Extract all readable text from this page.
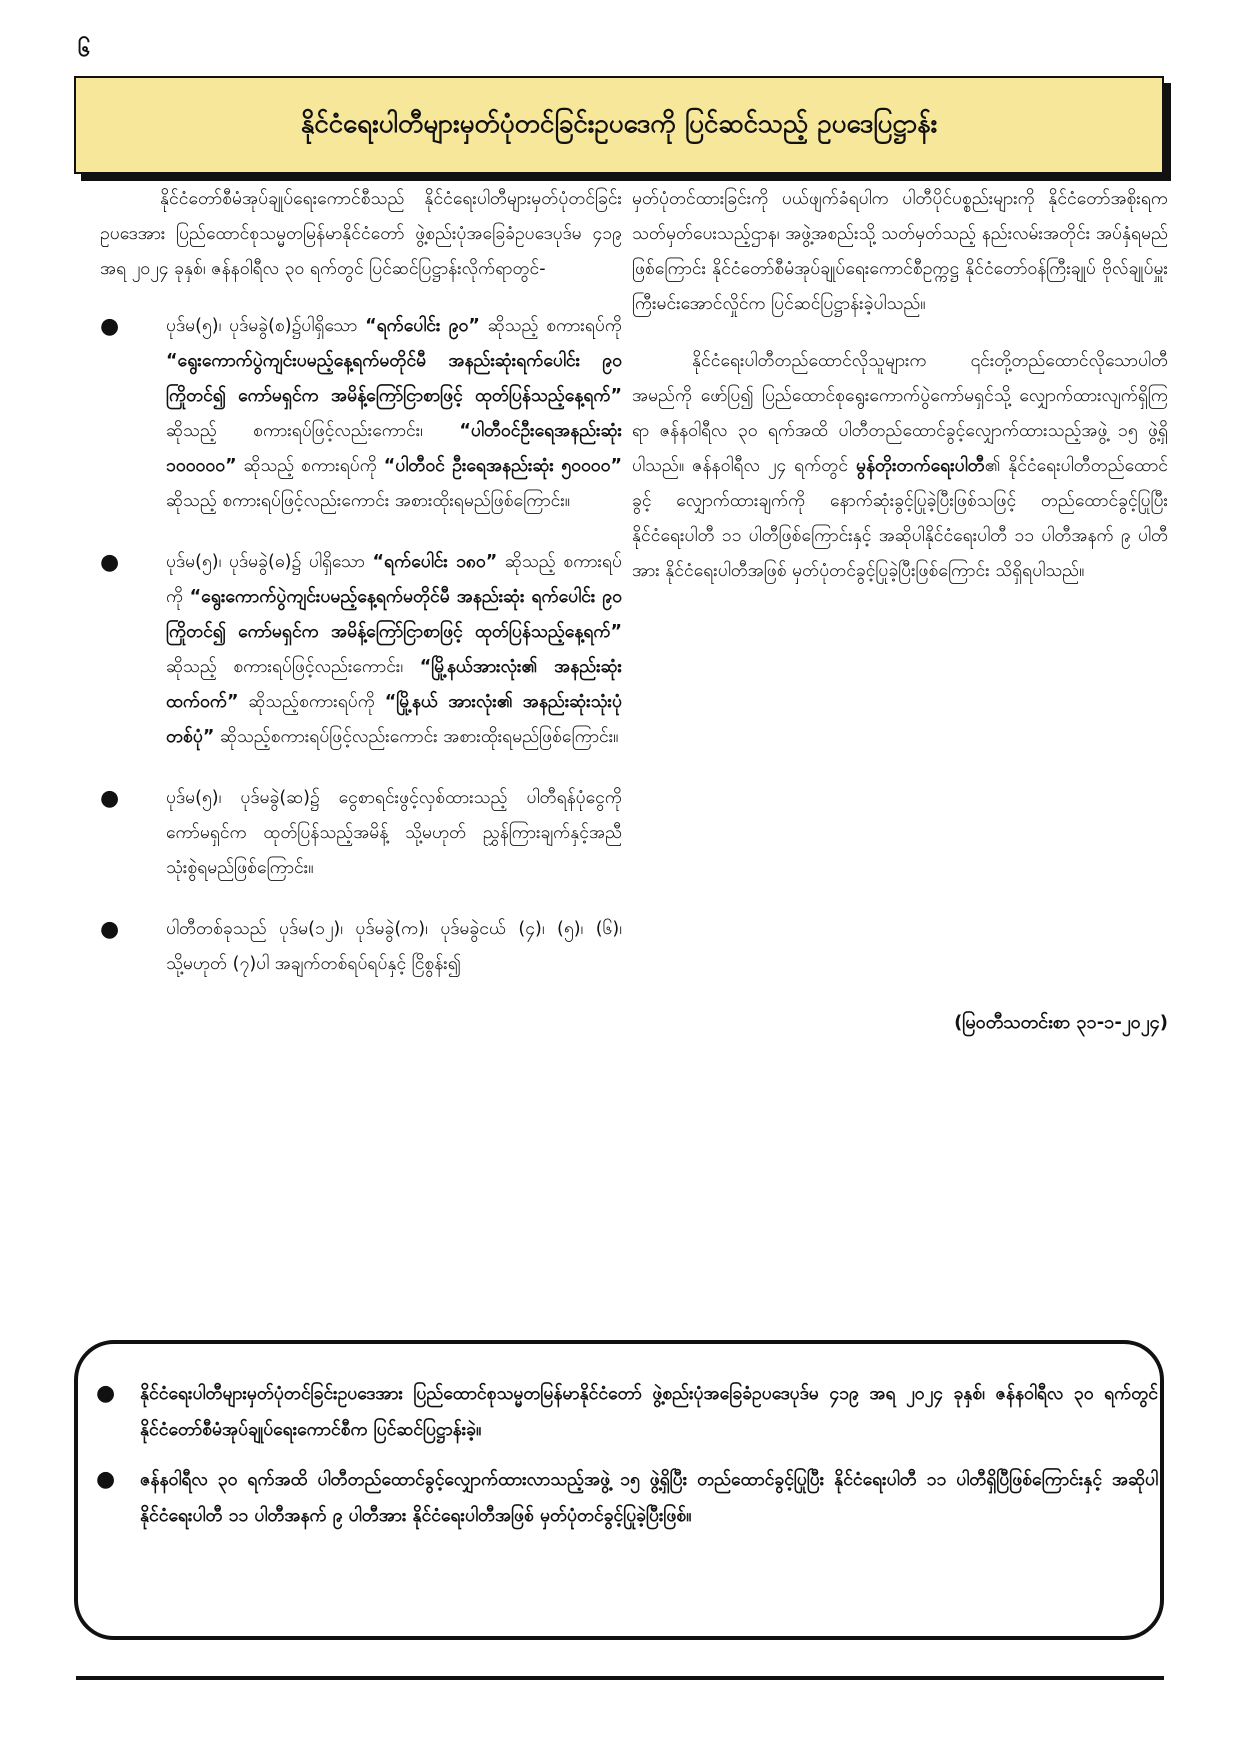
၆
နိုင်ငံရေးပါတီများမှတ်ပုံတင်ခြင်းဥပဒေကို ပြင်ဆင်သည့် ဥပဒေပြဋ္ဌာန်း

နိုင်ငံတော်စီမံအုပ်ချုပ်ရေးကောင်စီသည် နိုင်ငံရေးပါတီများမှတ်ပုံတင်ခြင်းဥပဒေအား ပြည်ထောင်စုသမ္မတမြန်မာနိုင်ငံတော် ဖွဲ့စည်းပုံအခြေခံဥပဒေပုဒ်မ ၄၁၉ အရ ၂၀၂၄ ခုနှစ်၊ ဇန်နဝါရီလ ၃၀ ရက်တွင် ပြင်ဆင်ပြဋ္ဌာန်းလိုက်ရာတွင်-

●	ပုဒ်မ(၅)၊ ပုဒ်မခွဲ(စ)၌ပါရှိသော “ရက်ပေါင်း ၉၀” ဆိုသည့် စကားရပ်ကို “ရွေးကောက်ပွဲကျင်းပမည့်နေ့ရက်မတိုင်မီ အနည်းဆုံးရက်ပေါင်း ၉၀ ကြိုတင်၍ ကော်မရှင်က အမိန့်ကြော်ငြာစာဖြင့် ထုတ်ပြန်သည့်နေ့ရက်” ဆိုသည့် စကားရပ်ဖြင့်လည်းကောင်း၊ “ပါတီဝင်ဦးရေအနည်းဆုံး ၁၀၀၀၀၀” ဆိုသည့် စကားရပ်ကို “ပါတီဝင် ဦးရေအနည်းဆုံး ၅၀၀၀၀” ဆိုသည့် စကားရပ်ဖြင့်လည်းကောင်း အစားထိုးရမည်ဖြစ်ကြောင်း။
●	ပုဒ်မ(၅)၊ ပုဒ်မခွဲ(ဓ)၌ ပါရှိသော “ရက်ပေါင်း ၁၈၀” ဆိုသည့် စကားရပ်ကို “ရွေးကောက်ပွဲကျင်းပမည့်နေ့ရက်မတိုင်မီ အနည်းဆုံး ရက်ပေါင်း ၉၀ ကြိုတင်၍ ကော်မရှင်က အမိန့်ကြော်ငြာစာဖြင့် ထုတ်ပြန်သည့်နေ့ရက်” ဆိုသည့် စကားရပ်ဖြင့်လည်းကောင်း၊ “မြို့နယ်အားလုံး၏ အနည်းဆုံးထက်ဝက်” ဆိုသည့်စကားရပ်ကို “မြို့နယ် အားလုံး၏ အနည်းဆုံးသုံးပုံတစ်ပုံ” ဆိုသည့်စကားရပ်ဖြင့်လည်းကောင်း အစားထိုးရမည်ဖြစ်ကြောင်း။
●	ပုဒ်မ(၅)၊ ပုဒ်မခွဲ(ဆ)၌ ငွေစာရင်းဖွင့်လှစ်ထားသည့် ပါတီရန်ပုံငွေကို ကော်မရှင်က ထုတ်ပြန်သည့်အမိန့် သို့မဟုတ် ညွှန်ကြားချက်နှင့်အညီ သုံးစွဲရမည်ဖြစ်ကြောင်း။
●	ပါတီတစ်ခုသည် ပုဒ်မ(၁၂)၊ ပုဒ်မခွဲ(က)၊ ပုဒ်မခွဲငယ် (၄)၊ (၅)၊ (၆)၊ သို့မဟုတ် (၇)ပါ အချက်တစ်ရပ်ရပ်နှင့် ငြိစွန်း၍

မှတ်ပုံတင်ထားခြင်းကို ပယ်ဖျက်ခံရပါက ပါတီပိုင်ပစ္စည်းများကို နိုင်ငံတော်အစိုးရက သတ်မှတ်ပေးသည့်ဌာန၊ အဖွဲ့အစည်းသို့ သတ်မှတ်သည့် နည်းလမ်းအတိုင်း အပ်နှံရမည်ဖြစ်ကြောင်း နိုင်ငံတော်စီမံအုပ်ချုပ်ရေးကောင်စီဥက္ကဋ္ဌ နိုင်ငံတော်ဝန်ကြီးချုပ် ဗိုလ်ချုပ်မှူးကြီးမင်းအောင်လှိုင်က ပြင်ဆင်ပြဋ္ဌာန်းခဲ့ပါသည်။

နိုင်ငံရေးပါတီတည်ထောင်လိုသူများက ၎င်းတို့တည်ထောင်လိုသောပါတီအမည်ကို ဖော်ပြ၍ ပြည်ထောင်စုရွေးကောက်ပွဲကော်မရှင်သို့ လျှောက်ထားလျက်ရှိကြရာ ဇန်နဝါရီလ ၃၀ ရက်အထိ ပါတီတည်ထောင်ခွင့်လျှောက်ထားသည့်အဖွဲ့ ၁၅ ဖွဲ့ရှိပါသည်။ ဇန်နဝါရီလ ၂၄ ရက်တွင် မွန်တိုးတက်ရေးပါတီ၏ နိုင်ငံရေးပါတီတည်ထောင်ခွင့် လျှောက်ထားချက်ကို နောက်ဆုံးခွင့်ပြုခဲ့ပြီးဖြစ်သဖြင့် တည်ထောင်ခွင့်ပြုပြီး နိုင်ငံရေးပါတီ ၁၁ ပါတီဖြစ်ကြောင်းနှင့် အဆိုပါနိုင်ငံရေးပါတီ ၁၁ ပါတီအနက် ၉ ပါတီအား နိုင်ငံရေးပါတီအဖြစ် မှတ်ပုံတင်ခွင့်ပြုခဲ့ပြီးဖြစ်ကြောင်း သိရှိရပါသည်။

(မြဝတီသတင်းစာ ၃၁-၁-၂၀၂၄)
● နိုင်ငံရေးပါတီများမှတ်ပုံတင်ခြင်းဥပဒေအား ပြည်ထောင်စုသမ္မတမြန်မာနိုင်ငံတော် ဖွဲ့စည်းပုံအခြေခံဥပဒေပုဒ်မ ၄၁၉ အရ ၂၀၂၄ ခုနှစ်၊ ဇန်နဝါရီလ ၃၀ ရက်တွင် နိုင်ငံတော်စီမံအုပ်ချုပ်ရေးကောင်စီက ပြင်ဆင်ပြဋ္ဌာန်းခဲ့။
● ဇန်နဝါရီလ ၃၀ ရက်အထိ ပါတီတည်ထောင်ခွင့်လျှောက်ထားလာသည့်အဖွဲ့ ၁၅ ဖွဲ့ရှိပြီး တည်ထောင်ခွင့်ပြုပြီး နိုင်ငံရေးပါတီ ၁၁ ပါတီရှိပြီဖြစ်ကြောင်းနှင့် အဆိုပါနိုင်ငံရေးပါတီ ၁၁ ပါတီအနက် ၉ ပါတီအား နိုင်ငံရေးပါတီအဖြစ် မှတ်ပုံတင်ခွင့်ပြုခဲ့ပြီးဖြစ်။
